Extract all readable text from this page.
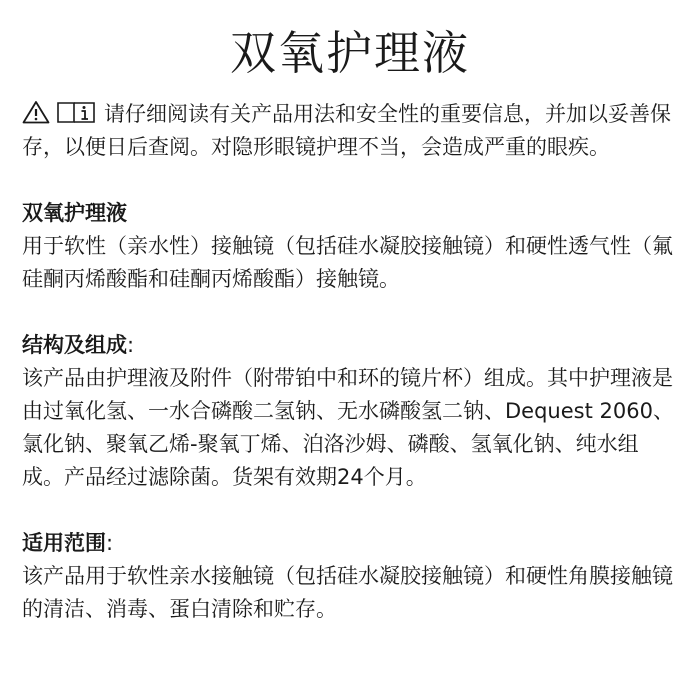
双氧护理液

请仔细阅读有关产品用法和安全性的重要信息，并加以妥善保存，以便日后查阅。对隐形眼镜护理不当，会造成严重的眼疾。

双氧护理液

用于软性（亲水性）接触镜（包括硅水凝胶接触镜）和硬性透气性（氟硅酮丙烯酸酯和硅酮丙烯酸酯）接触镜。

结构及组成:

该产品由护理液及附件（附带铂中和环的镜片杯）组成。其中护理液是由过氧化氢、一水合磷酸二氢钠、无水磷酸氢二钠、Dequest 2060、氯化钠、聚氧乙烯-聚氧丁烯、泊洛沙姆、磷酸、氢氧化钠、纯水组成。产品经过滤除菌。货架有效期24个月。

适用范围:

该产品用于软性亲水接触镜（包括硅水凝胶接触镜）和硬性角膜接触镜的清洁、消毒、蛋白清除和贮存。
